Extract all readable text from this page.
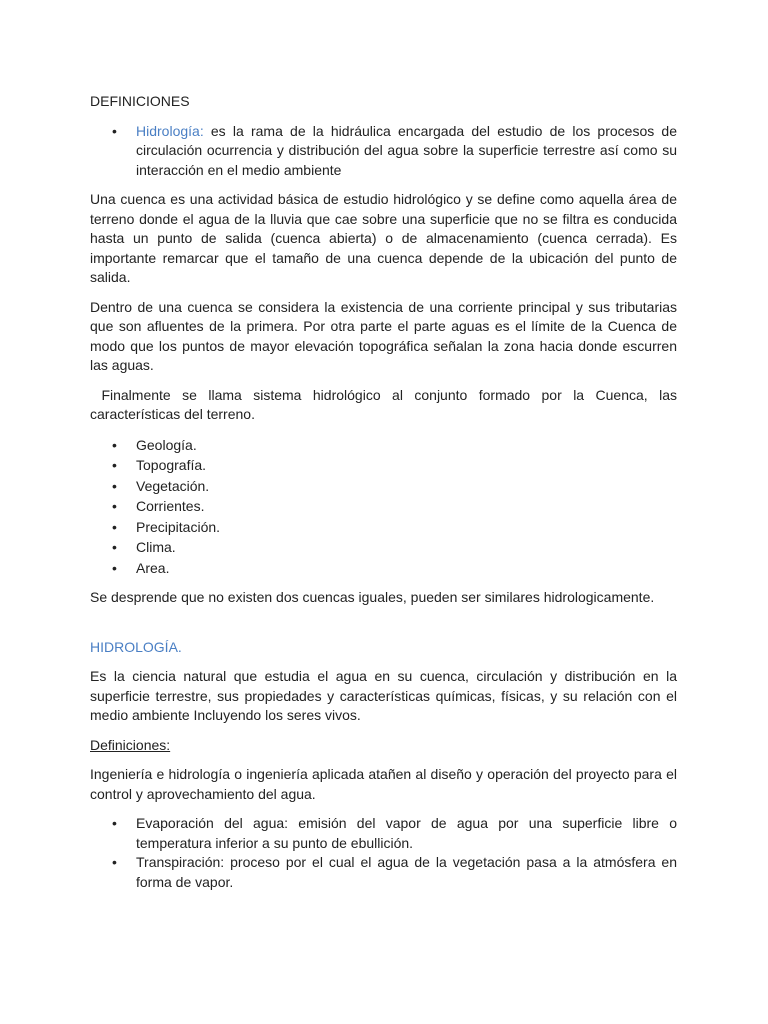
DEFINICIONES

• Hidrología: es la rama de la hidráulica encargada del estudio de los procesos de circulación ocurrencia y distribución del agua sobre la superficie terrestre así como su interacción en el medio ambiente

Una cuenca es una actividad básica de estudio hidrológico y se define como aquella área de terreno donde el agua de la lluvia que cae sobre una superficie que no se filtra es conducida hasta un punto de salida (cuenca abierta) o de almacenamiento (cuenca cerrada). Es importante remarcar que el tamaño de una cuenca depende de la ubicación del punto de salida.

Dentro de una cuenca se considera la existencia de una corriente principal y sus tributarias que son afluentes de la primera. Por otra parte el parte aguas es el límite de la Cuenca de modo que los puntos de mayor elevación topográfica señalan la zona hacia donde escurren las aguas.

Finalmente se llama sistema hidrológico al conjunto formado por la Cuenca, las características del terreno.

• Geología.
• Topografía.
• Vegetación.
• Corrientes.
• Precipitación.
• Clima.
• Area.

Se desprende que no existen dos cuencas iguales, pueden ser similares hidrologicamente.

HIDROLOGÍA.

Es la ciencia natural que estudia el agua en su cuenca, circulación y distribución en la superficie terrestre, sus propiedades y características químicas, físicas, y su relación con el medio ambiente Incluyendo los seres vivos.

Definiciones:

Ingeniería e hidrología o ingeniería aplicada atañen al diseño y operación del proyecto para el control y aprovechamiento del agua.

• Evaporación del agua: emisión del vapor de agua por una superficie libre o temperatura inferior a su punto de ebullición.
• Transpiración: proceso por el cual el agua de la vegetación pasa a la atmósfera en forma de vapor.
